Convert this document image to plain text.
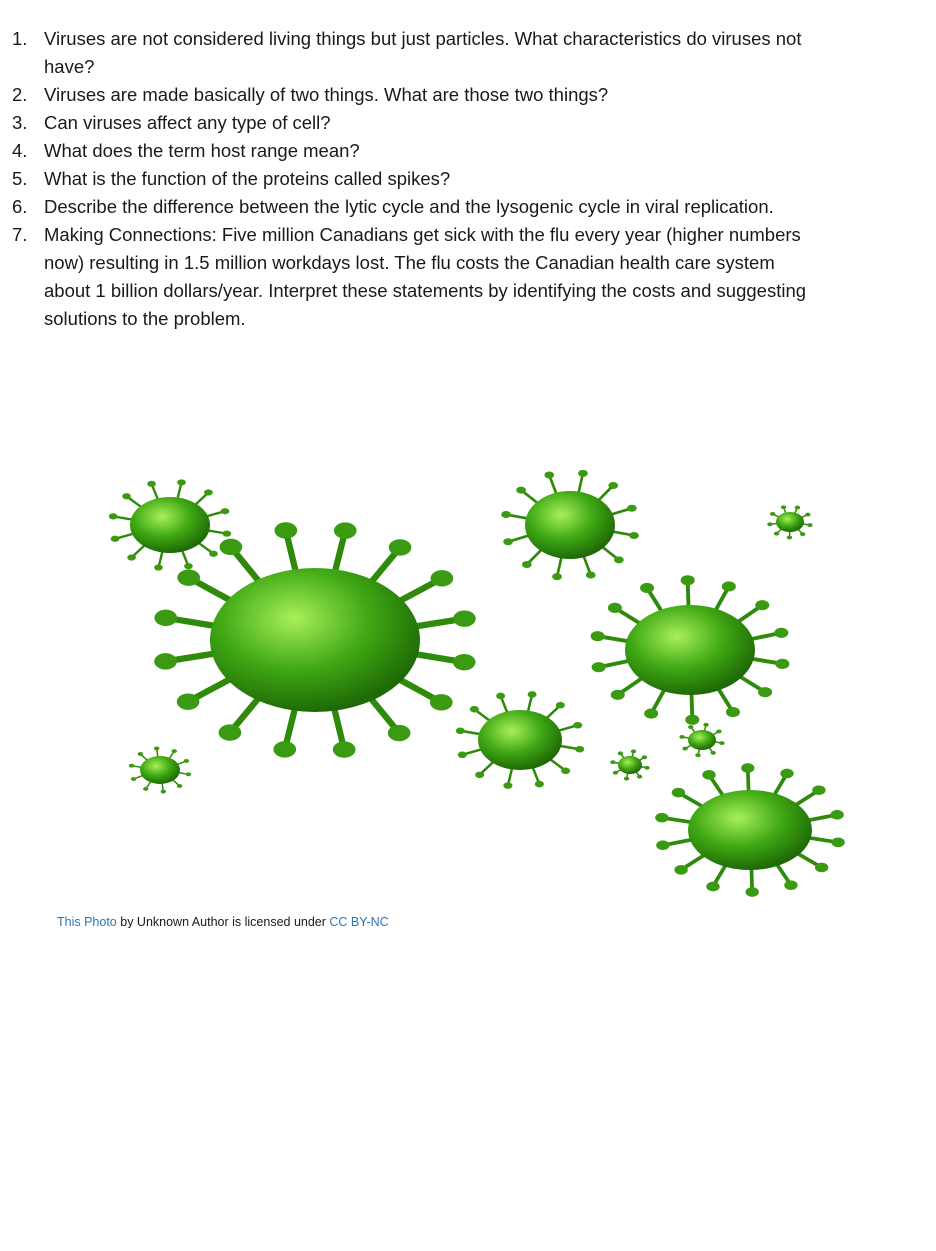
1. Viruses are not considered living things but just particles. What characteristics do viruses not have?
2. Viruses are made basically of two things. What are those two things?
3. Can viruses affect any type of cell?
4. What does the term host range mean?
5. What is the function of the proteins called spikes?
6. Describe the difference between the lytic cycle and the lysogenic cycle in viral replication.
7. Making Connections: Five million Canadians get sick with the flu every year (higher numbers now) resulting in 1.5 million workdays lost. The flu costs the Canadian health care system about 1 billion dollars/year. Interpret these statements by identifying the costs and suggesting solutions to the problem.
This Photo by Unknown Author is licensed under CC BY-NC
